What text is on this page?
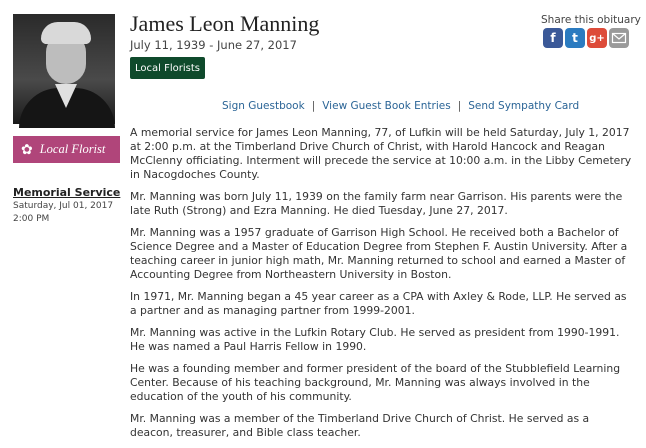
James Leon Manning
July 11, 1939 - June 27, 2017
Local Florists
Share this obituary
f	t	g+
Sign Guestbook | View Guest Book Entries | Send Sympathy Card
✿ Local Florist
Memorial Service
Saturday, Jul 01, 2017
2:00 PM

A memorial service for James Leon Manning, 77, of Lufkin will be held Saturday, July 1, 2017 at 2:00 p.m. at the Timberland Drive Church of Christ, with Harold Hancock and Reagan McClenny officiating. Interment will precede the service at 10:00 a.m. in the Libby Cemetery in Nacogdoches County.

Mr. Manning was born July 11, 1939 on the family farm near Garrison. His parents were the late Ruth (Strong) and Ezra Manning. He died Tuesday, June 27, 2017.

Mr. Manning was a 1957 graduate of Garrison High School. He received both a Bachelor of Science Degree and a Master of Education Degree from Stephen F. Austin University. After a teaching career in junior high math, Mr. Manning returned to school and earned a Master of Accounting Degree from Northeastern University in Boston.

In 1971, Mr. Manning began a 45 year career as a CPA with Axley & Rode, LLP. He served as a partner and as managing partner from 1999-2001.

Mr. Manning was active in the Lufkin Rotary Club. He served as president from 1990-1991. He was named a Paul Harris Fellow in 1990.

He was a founding member and former president of the board of the Stubblefield Learning Center. Because of his teaching background, Mr. Manning was always involved in the education of the youth of his community.

Mr. Manning was a member of the Timberland Drive Church of Christ. He served as a deacon, treasurer, and Bible class teacher.
